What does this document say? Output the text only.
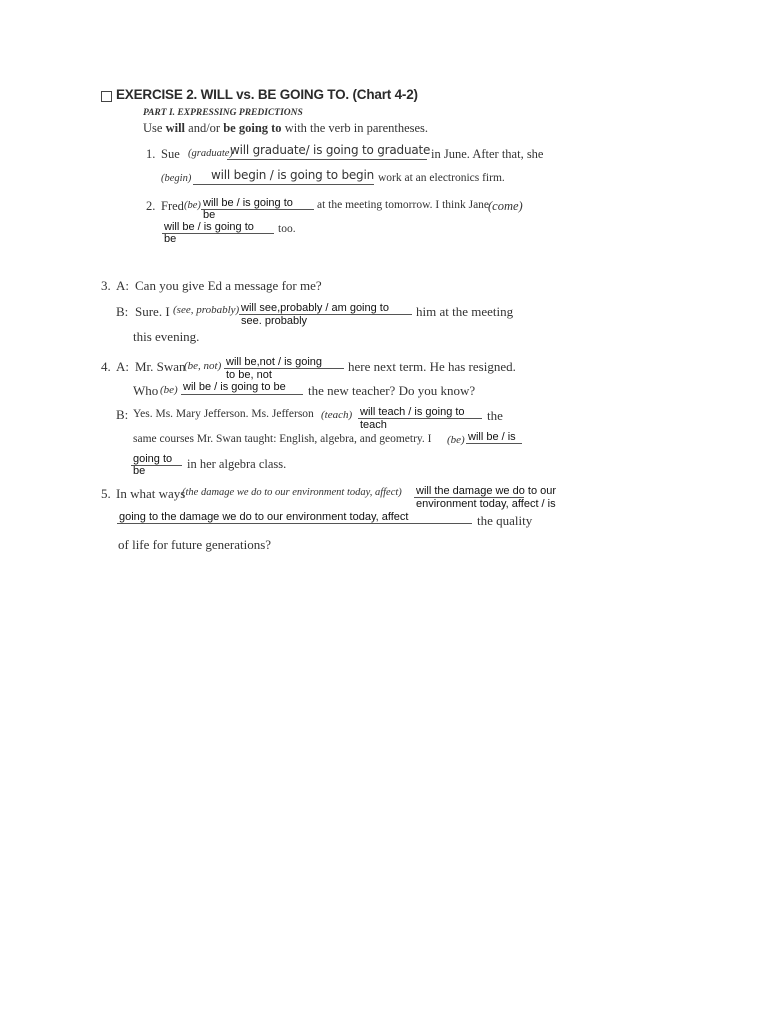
EXERCISE 2. WILL vs. BE GOING TO. (Chart 4-2)
PART I. EXPRESSING PREDICTIONS
Use will and/or be going to with the verb in parentheses.
1. Sue (graduate)
will graduate/ is going to graduate in June. After that, she
(begin) will begin / is going to begin work at an electronics firm.
2. Fred (be) will be / is going to
be
at the meeting tomorrow. I think Jane
(come)
will be / is going to
be
too.
3. A: Can you give Ed a message for me?
B: Sure. I (see, probably) will see,probably / am going to
see. probably
him at the meeting
this evening.
4. A: Mr. Swan
(be, not) will be,not / is going
to be, not
here next term. He has resigned.
Who (be) wil be / is going to be the new teacher? Do you know?
B: Yes. Ms. Mary Jefferson. Ms. Jefferson (teach) will teach / is going to
teach
the
same courses Mr. Swan taught: English, algebra, and geometry. I (be) will be / is
going to
be	in her algebra class.
5. In what ways
(the damage we do to our environment today, affect) will the damage we do to our
environment today, affect / is
going to the damage we do to our environment today, affect	the quality
of life for future generations?
